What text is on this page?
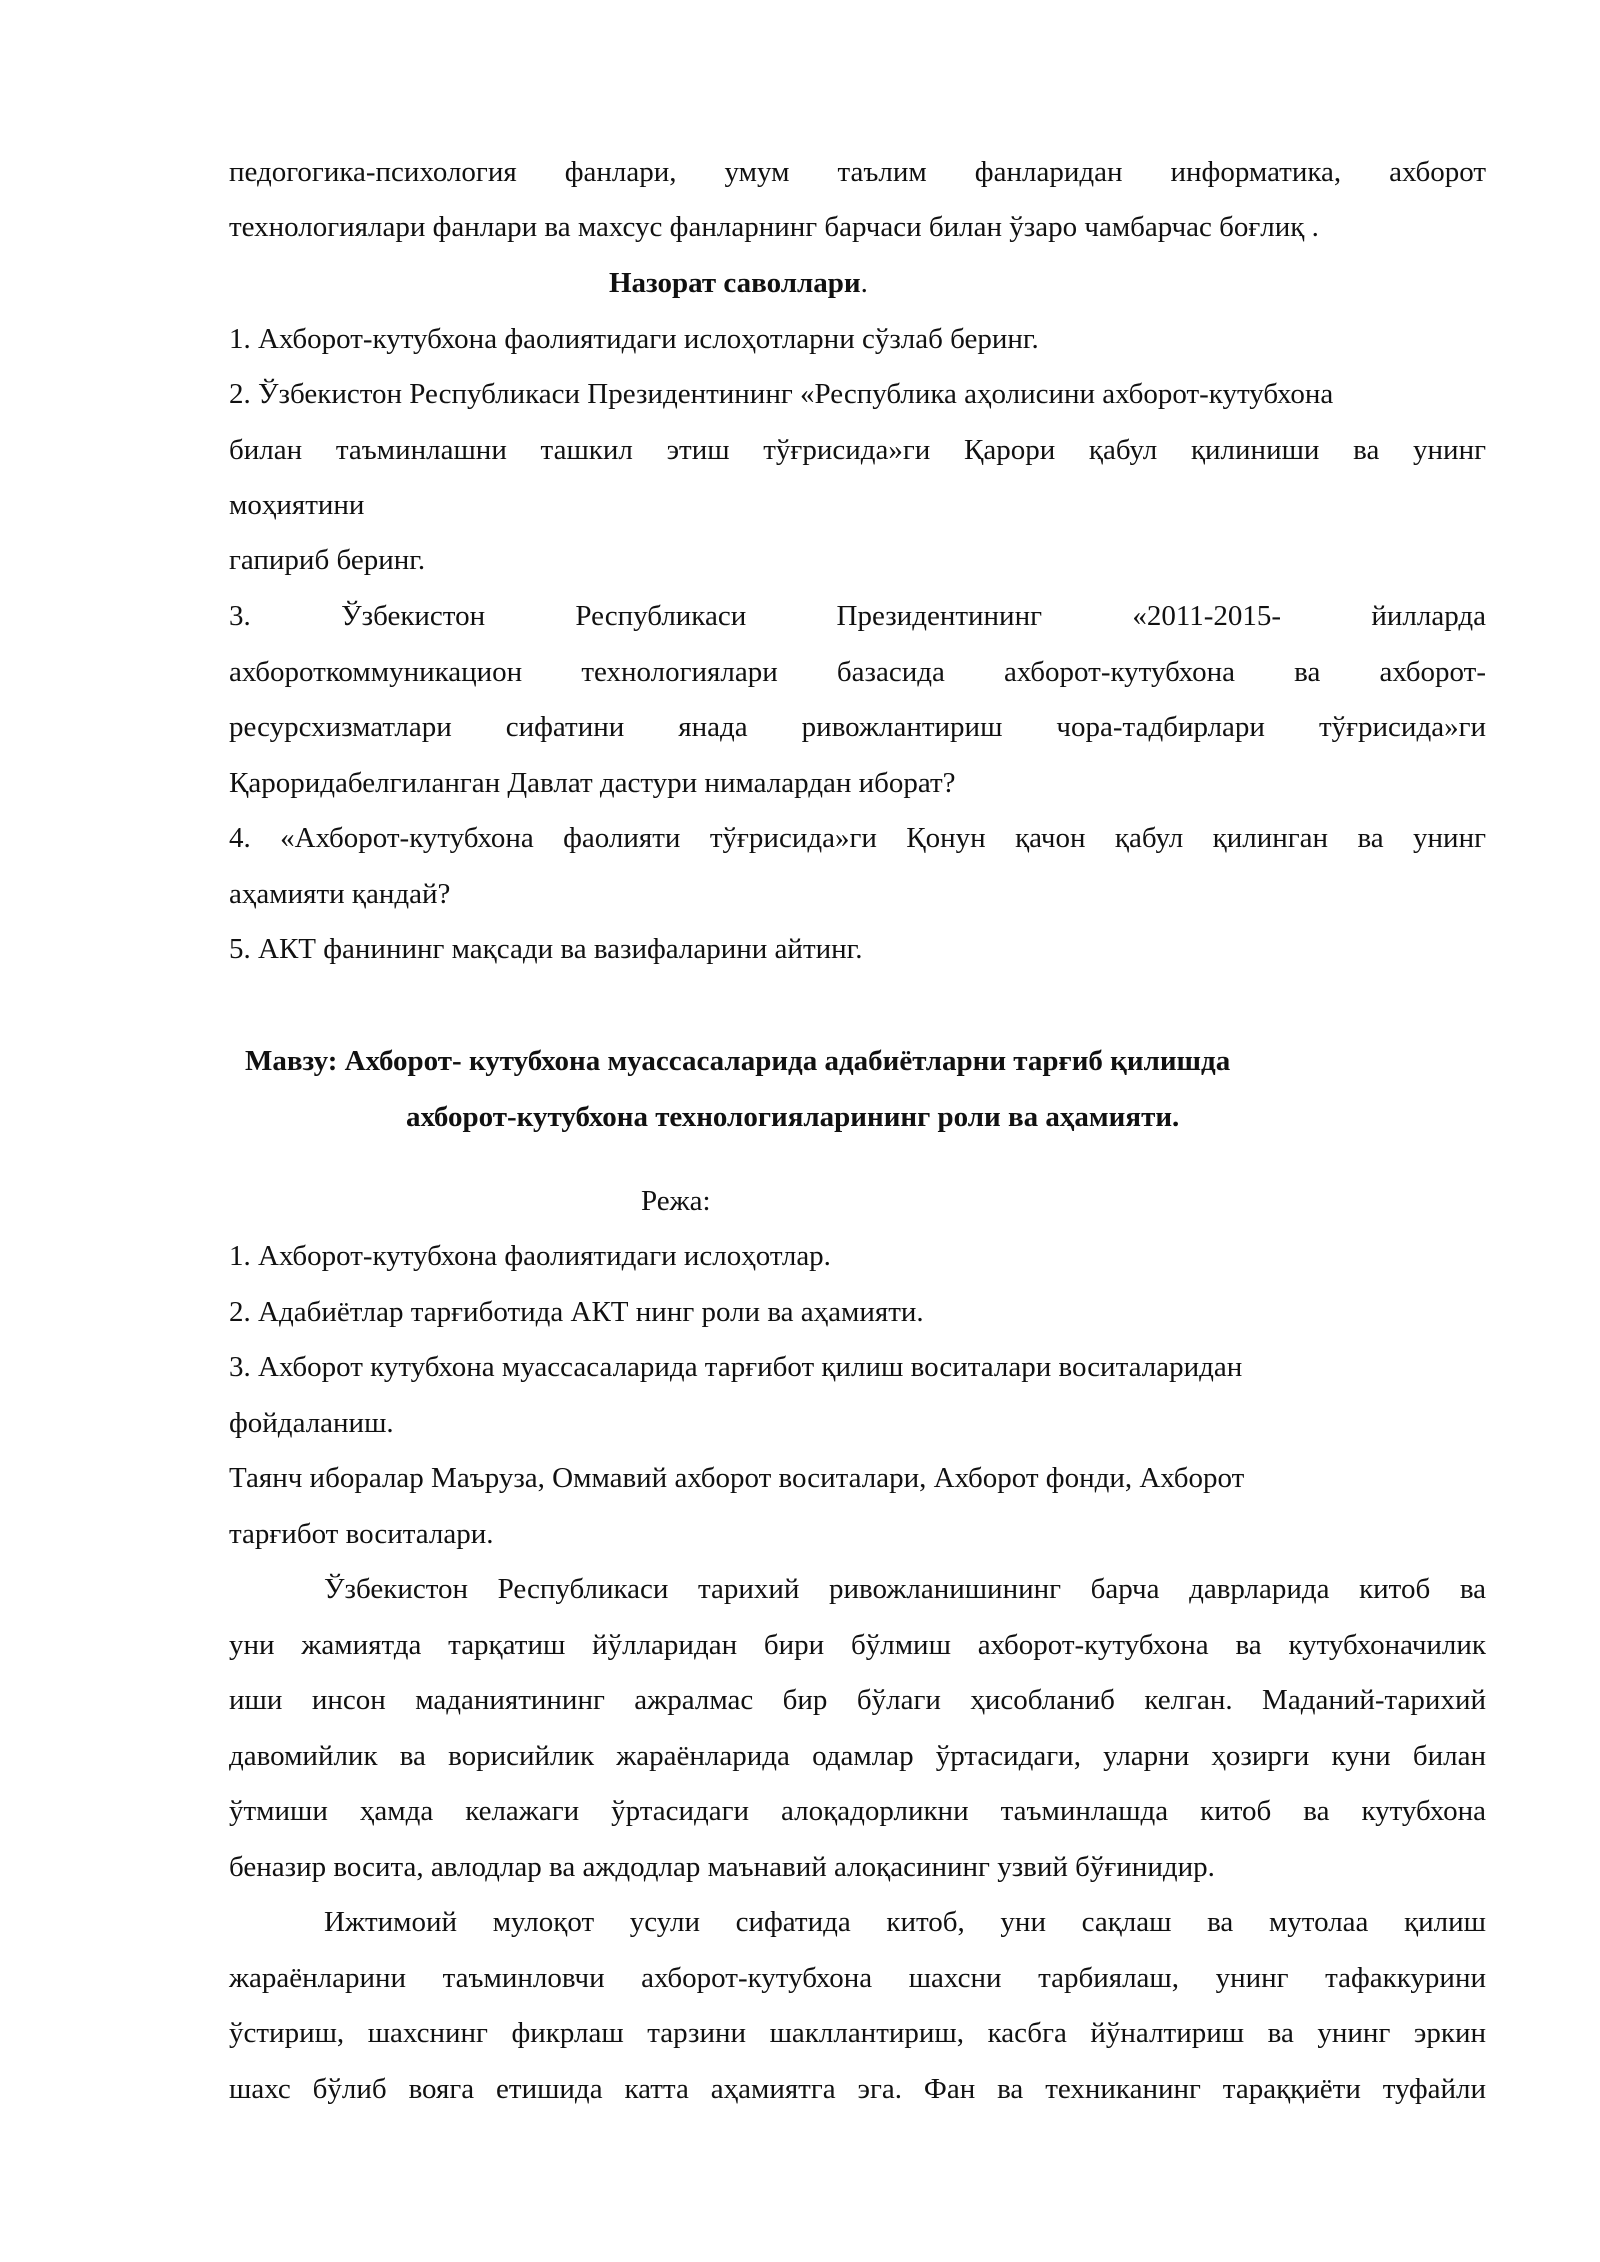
педогогика-психология фанлари, умум таълим фанларидан информатика, ахборот
технологиялари фанлари ва махсус фанларнинг барчаси билан ўзаро чамбарчас боғлиқ .
Назорат саволлари.
1. Ахборот-кутубхона фаолиятидаги ислоҳотларни сўзлаб беринг.
2. Ўзбекистон Республикаси Президентининг «Республика аҳолисини ахборот-кутубхона
билан таъминлашни ташкил этиш тўғрисида»ги Қарори қабул қилиниши ва унинг
моҳиятини
гапириб беринг.
3. Ўзбекистон Республикаси Президентининг «2011-2015- йилларда
ахбороткоммуникацион технологиялари базасида ахборот-кутубхона ва ахборот-
ресурсхизматлари сифатини янада ривожлантириш чора-тадбирлари тўғрисида»ги
Қароридабелгиланган Давлат дастури нималардан иборат?
4. «Ахборот-кутубхона фаолияти тўғрисида»ги Қонун қачон қабул қилинган ва унинг
аҳамияти қандай?
5. АКТ фанининг мақсади ва вазифаларини айтинг.
Мавзу: Ахборот- кутубхона муассасаларида адабиётларни тарғиб қилишда
ахборот-кутубхона технологияларининг роли ва аҳамияти.
Режа:
1. Ахборот-кутубхона фаолиятидаги ислоҳотлар.
2. Адабиётлар тарғиботида АКТ нинг роли ва аҳамияти.
3. Ахборот кутубхона муассасаларида тарғибот қилиш воситалари воситаларидан
фойдаланиш.
Таянч иборалар Маъруза, Оммавий ахборот воситалари, Ахборот фонди, Ахборот
тарғибот воситалари.
Ўзбекистон Республикаси тарихий ривожланишининг барча даврларида китоб ва
уни жамиятда тарқатиш йўлларидан бири бўлмиш ахборот-кутубхона ва кутубхоначилик
иши инсон маданиятининг ажралмас бир бўлаги ҳисобланиб келган. Маданий-тарихий
давомийлик ва ворисийлик жараёнларида одамлар ўртасидаги, уларни ҳозирги куни билан
ўтмиши ҳамда келажаги ўртасидаги алоқадорликни таъминлашда китоб ва кутубхона
беназир восита, авлодлар ва аждодлар маънавий алоқасининг узвий бўғинидир.
Ижтимоий мулоқот усули сифатида китоб, уни сақлаш ва мутолаа қилиш
жараёнларини таъминловчи ахборот-кутубхона шахсни тарбиялаш, унинг тафаккурини
ўстириш, шахснинг фикрлаш тарзини шакллантириш, касбга йўналтириш ва унинг эркин
шахс бўлиб вояга етишида катта аҳамиятга эга. Фан ва техниканинг тараққиёти туфайли
